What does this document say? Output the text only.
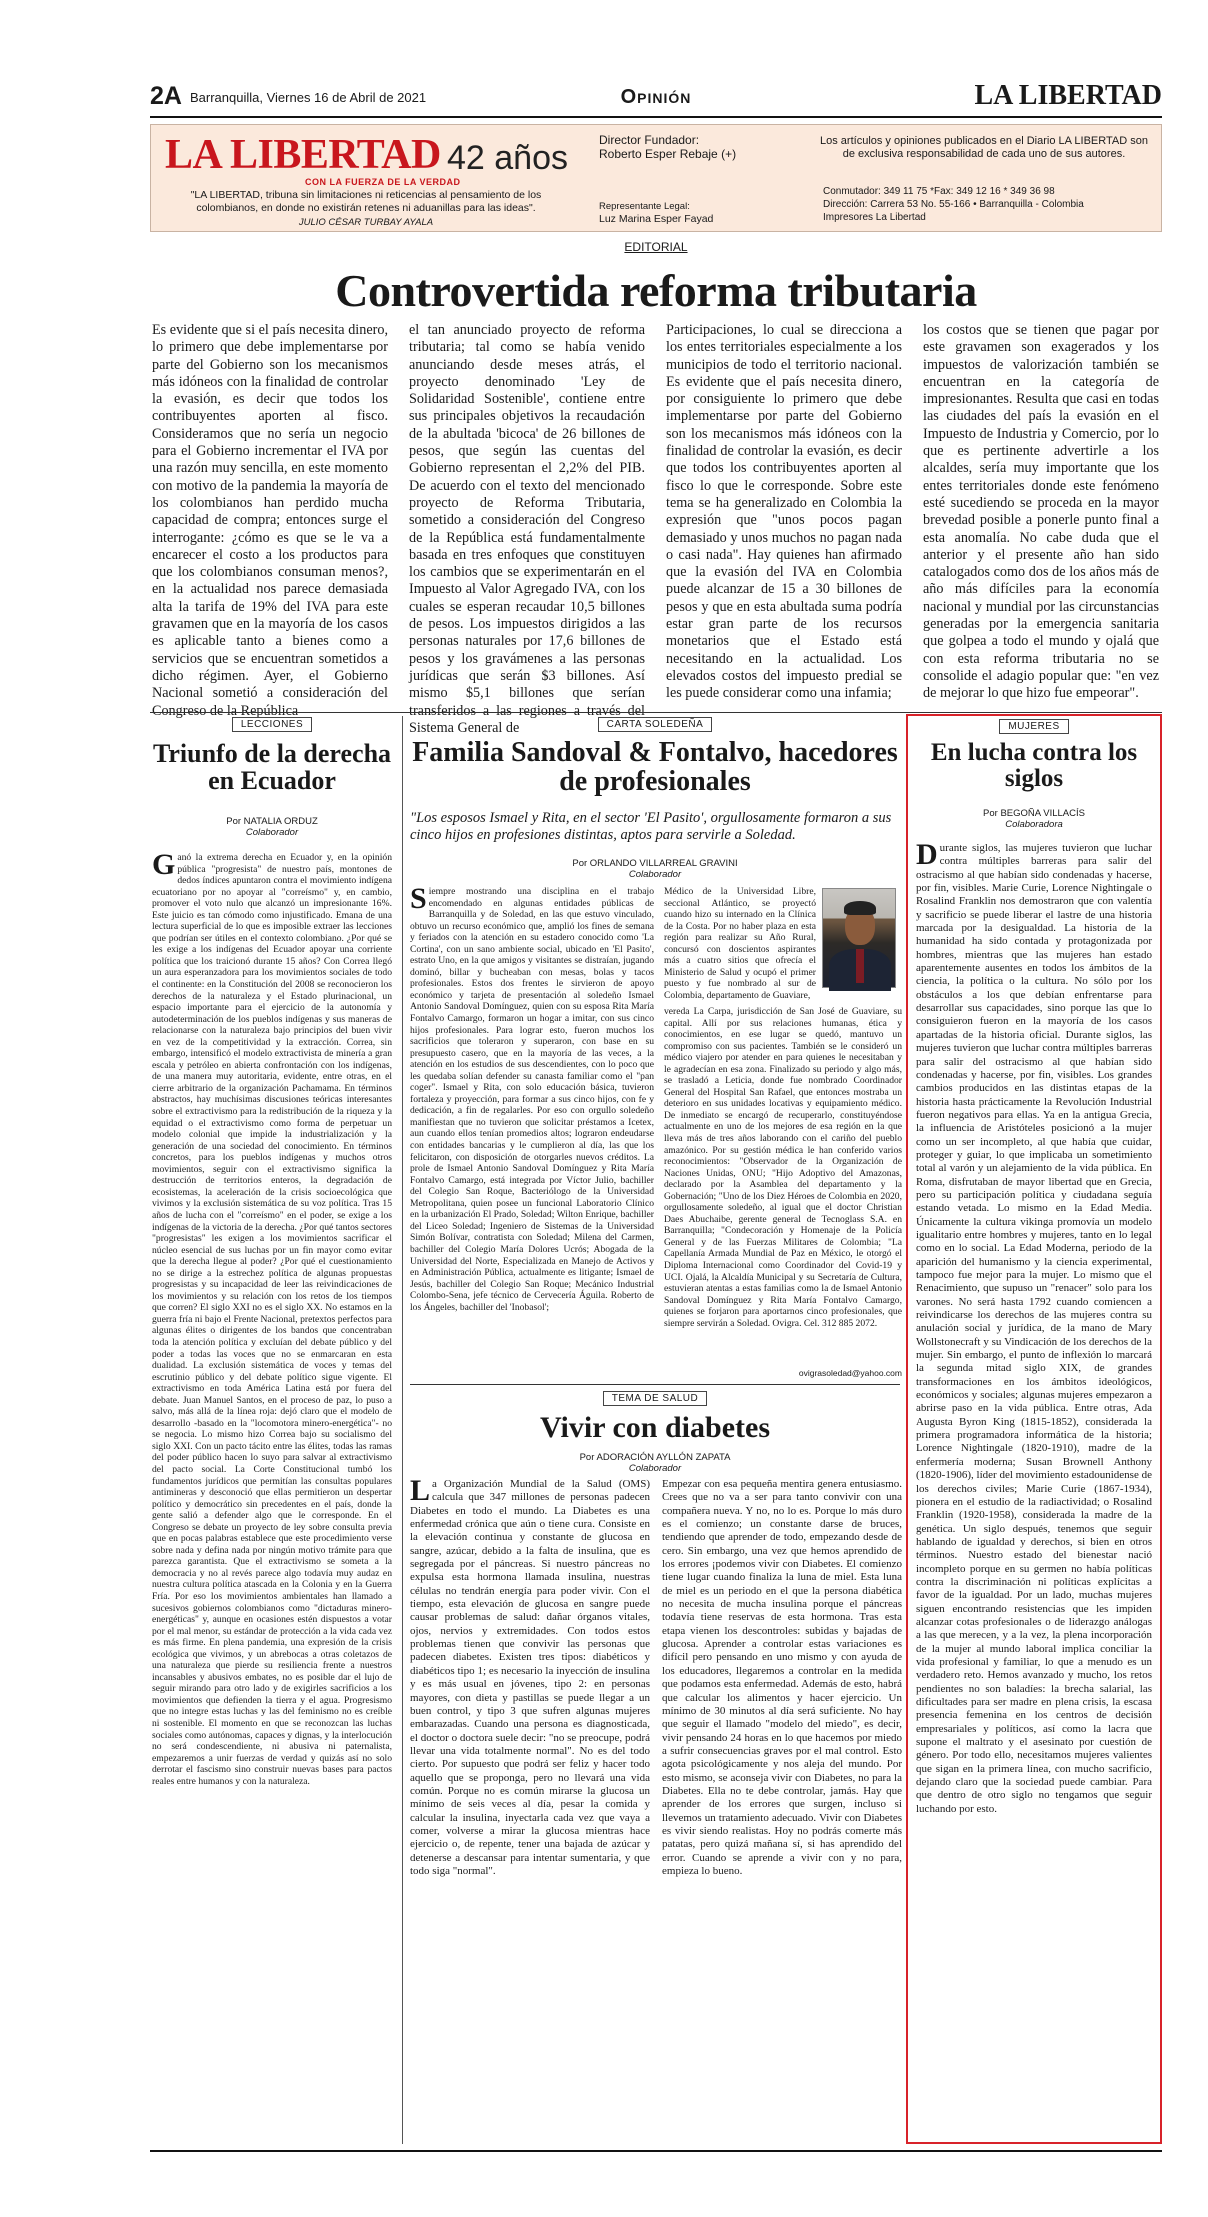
2A Barranquilla, Viernes 16 de Abril de 2021	Opinión	LA LIBERTAD
LA LIBERTAD
CON LA FUERZA DE LA VERDAD
42 años
"LA LIBERTAD, tribuna sin limitaciones ni reticencias al pensamiento de los colombianos, en donde no existirán retenes ni aduanillas para las ideas".
JULIO CÉSAR TURBAY AYALA
Director Fundador:
Roberto Esper Rebaje (+)
Representante Legal:
Luz Marina Esper Fayad
Los artículos y opiniones publicados en el Diario LA LIBERTAD son de exclusiva responsabilidad de cada uno de sus autores.
Conmutador: 349 11 75 *Fax: 349 12 16 * 349 36 98
Dirección: Carrera 53 No. 55-166 • Barranquilla - Colombia
Impresores La Libertad
EDITORIAL
Controvertida reforma tributaria
Es evidente que si el país necesita dinero, lo primero que debe implementarse por parte del Gobierno son los mecanismos más idóneos con la finalidad de controlar la evasión, es decir que todos los contribuyentes aporten al fisco. Consideramos que no sería un negocio para el Gobierno incrementar el IVA por una razón muy sencilla, en este momento con motivo de la pandemia la mayoría de los colombianos han perdido mucha capacidad de compra; entonces surge el interrogante: ¿cómo es que se le va a encarecer el costo a los productos para que los colombianos consuman menos?, en la actualidad nos parece demasiada alta la tarifa de 19% del IVA para este gravamen que en la mayoría de los casos es aplicable tanto a bienes como a servicios que se encuentran sometidos a dicho régimen. Ayer, el Gobierno Nacional sometió a consideración del Congreso de la República
el tan anunciado proyecto de reforma tributaria; tal como se había venido anunciando desde meses atrás, el proyecto denominado 'Ley de Solidaridad Sostenible', contiene entre sus principales objetivos la recaudación de la abultada 'bicoca' de 26 billones de pesos, que según las cuentas del Gobierno representan el 2,2% del PIB. De acuerdo con el texto del mencionado proyecto de Reforma Tributaria, sometido a consideración del Congreso de la República está fundamentalmente basada en tres enfoques que constituyen los cambios que se experimentarán en el Impuesto al Valor Agregado IVA, con los cuales se esperan recaudar 10,5 billones de pesos. Los impuestos dirigidos a las personas naturales por 17,6 billones de pesos y los gravámenes a las personas jurídicas que serán $3 billones. Así mismo $5,1 billones que serían transferidos a las regiones a través del Sistema General de
Participaciones, lo cual se direcciona a los entes territoriales especialmente a los municipios de todo el territorio nacional. Es evidente que el país necesita dinero, por consiguiente lo primero que debe implementarse por parte del Gobierno son los mecanismos más idóneos con la finalidad de controlar la evasión, es decir que todos los contribuyentes aporten al fisco lo que le corresponde. Sobre este tema se ha generalizado en Colombia la expresión que "unos pocos pagan demasiado y unos muchos no pagan nada o casi nada". Hay quienes han afirmado que la evasión del IVA en Colombia puede alcanzar de 15 a 30 billones de pesos y que en esta abultada suma podría estar gran parte de los recursos monetarios que el Estado está necesitando en la actualidad. Los elevados costos del impuesto predial se les puede considerar como una infamia;
los costos que se tienen que pagar por este gravamen son exagerados y los impuestos de valorización también se encuentran en la categoría de impresionantes. Resulta que casi en todas las ciudades del país la evasión en el Impuesto de Industria y Comercio, por lo que es pertinente advertirle a los alcaldes, sería muy importante que los entes territoriales donde este fenómeno esté sucediendo se proceda en la mayor brevedad posible a ponerle punto final a esta anomalía. No cabe duda que el anterior y el presente año han sido catalogados como dos de los años más de año más difíciles para la economía nacional y mundial por las circunstancias generadas por la emergencia sanitaria que golpea a todo el mundo y ojalá que con esta reforma tributaria no se consolide el adagio popular que: "en vez de mejorar lo que hizo fue empeorar".
LECCIONES
Triunfo de la derecha en Ecuador
Por NATALIA ORDUZ
Colaborador
Ganó la extrema derecha en Ecuador y, en la opinión pública "progresista" de nuestro país, montones de dedos índices apuntaron contra el movimiento indígena ecuatoriano por no apoyar al "correísmo" y, en cambio, promover el voto nulo que alcanzó un impresionante 16%. Este juicio es tan cómodo como injustificado. Emana de una lectura superficial de lo que es imposible extraer las lecciones que podrían ser útiles en el contexto colombiano. ¿Por qué se les exige a los indígenas del Ecuador apoyar una corriente política que los traicionó durante 15 años? Con Correa llegó un aura esperanzadora para los movimientos sociales de todo el continente: en la Constitución del 2008 se reconocieron los derechos de la naturaleza y el Estado plurinacional, un espacio importante para el ejercicio de la autonomía y autodeterminación de los pueblos indígenas y sus maneras de relacionarse con la naturaleza bajo principios del buen vivir en vez de la competitividad y la extracción. Correa, sin embargo, intensificó el modelo extractivista de minería a gran escala y petróleo en abierta confrontación con los indígenas, de una manera muy autoritaria, evidente, entre otras, en el cierre arbitrario de la organización Pachamama. En términos abstractos, hay muchísimas discusiones teóricas interesantes sobre el extractivismo para la redistribución de la riqueza y la equidad o el extractivismo como forma de perpetuar un modelo colonial que impide la industrialización y la generación de una sociedad del conocimiento. En términos concretos, para los pueblos indígenas y muchos otros movimientos, seguir con el extractivismo significa la destrucción de territorios enteros, la degradación de ecosistemas, la aceleración de la crisis socioecológica que vivimos y la exclusión sistemática de su voz política. Tras 15 años de lucha con el "correísmo" en el poder, se exige a los indígenas de la victoria de la derecha. ¿Por qué tantos sectores "progresistas" les exigen a los movimientos sacrificar el núcleo esencial de sus luchas por un fin mayor como evitar que la derecha llegue al poder? ¿Por qué el cuestionamiento no se dirige a la estrechez política de algunas propuestas progresistas y su incapacidad de leer las reivindicaciones de los movimientos y su relación con los retos de los tiempos que corren? El siglo XXI no es el siglo XX. No estamos en la guerra fría ni bajo el Frente Nacional, pretextos perfectos para algunas élites o dirigentes de los bandos que concentraban toda la atención política y excluían del debate público y del poder a todas las voces que no se enmarcaran en esta dualidad. La exclusión sistemática de voces y temas del escrutinio público y del debate político sigue vigente. El extractivismo en toda América Latina está por fuera del debate. Juan Manuel Santos, en el proceso de paz, lo puso a salvo, más allá de la línea roja: dejó claro que el modelo de desarrollo -basado en la "locomotora minero-energética"- no se negocia. Lo mismo hizo Correa bajo su socialismo del siglo XXI. Con un pacto tácito entre las élites, todas las ramas del poder público hacen lo suyo para salvar al extractivismo del pacto social. La Corte Constitucional tumbó los fundamentos jurídicos que permitían las consultas populares antimineras y desconoció que ellas permitieron un despertar político y democrático sin precedentes en el país, donde la gente salió a defender algo que le corresponde. En el Congreso se debate un proyecto de ley sobre consulta previa que en pocas palabras establece que este procedimiento verse sobre nada y defina nada por ningún motivo trámite para que parezca garantista. Que el extractivismo se someta a la democracia y no al revés parece algo todavía muy audaz en nuestra cultura política atascada en la Colonia y en la Guerra Fría. Por eso los movimientos ambientales han llamado a sucesivos gobiernos colombianos como "dictaduras minero-energéticas" y, aunque en ocasiones estén dispuestos a votar por el mal menor, su estándar de protección a la vida cada vez es más firme. En plena pandemia, una expresión de la crisis ecológica que vivimos, y un abrebocas a otras coletazos de una naturaleza que pierde su resiliencia frente a nuestros incansables y abusivos embates, no es posible dar el lujo de seguir mirando para otro lado y de exigirles sacrificios a los movimientos que defienden la tierra y el agua. Progresismo que no integre estas luchas y las del feminismo no es creíble ni sostenible. El momento en que se reconozcan las luchas sociales como autónomas, capaces y dignas, y la interlocución no será condescendiente, ni abusiva ni paternalista, empezaremos a unir fuerzas de verdad y quizás así no solo derrotar el fascismo sino construir nuevas bases para pactos reales entre humanos y con la naturaleza.
CARTA SOLEDEÑA
Familia Sandoval & Fontalvo, hacedores de profesionales
"Los esposos Ismael y Rita, en el sector 'El Pasito', orgullosamente formaron a sus cinco hijos en profesiones distintas, aptos para servirle a Soledad.
Por ORLANDO VILLARREAL GRAVINI
Colaborador
Siempre mostrando una disciplina en el trabajo encomendado en algunas entidades públicas de Barranquilla y de Soledad, en las que estuvo vinculado, obtuvo un recurso económico que, amplió los fines de semana y feriados con la atención en su estadero conocido como 'La Cortina', con un sano ambiente social, ubicado en 'El Pasito', estrato Uno, en la que amigos y visitantes se distraían, jugando dominó, billar y bucheaban con mesas, bolas y tacos profesionales. Estos dos frentes le sirvieron de apoyo económico y tarjeta de presentación al soledeño Ismael Antonio Sandoval Domínguez, quien con su esposa Rita María Fontalvo Camargo, formaron un hogar a imitar, con sus cinco hijos profesionales. Para lograr esto, fueron muchos los sacrificios que toleraron y superaron, con base en su presupuesto casero, que en la mayoría de las veces, a la atención en los estudios de sus descendientes, con lo poco que les quedaba solían defender su canasta familiar como el "pan coger". Ismael y Rita, con solo educación básica, tuvieron fortaleza y proyección, para formar a sus cinco hijos, con fe y dedicación, a fin de regalarles. Por eso con orgullo soledeño manifiestan que no tuvieron que solicitar préstamos a Icetex, aun cuando ellos tenían promedios altos; lograron endeudarse con entidades bancarias y le cumplieron al día, las que los felicitaron, con disposición de otorgarles nuevos créditos. La prole de Ismael Antonio Sandoval Domínguez y Rita María Fontalvo Camargo, está integrada por Víctor Julio, bachiller del Colegio San Roque, Bacteriólogo de la Universidad Metropolitana, quien posee un funcional Laboratorio Clínico en la urbanización El Prado, Soledad; Wilton Enrique, bachiller del Liceo Soledad; Ingeniero de Sistemas de la Universidad Simón Bolívar, contratista con Soledad; Milena del Carmen, bachiller del Colegio María Dolores Ucrós; Abogada de la Universidad del Norte, Especializada en Manejo de Activos y en Administración Pública, actualmente es litigante; Ismael de Jesús, bachiller del Colegio San Roque; Mecánico Industrial Colombo-Sena, jefe técnico de Cervecería Águila. Roberto de los Ángeles, bachiller del 'Inobasol';
Médico de la Universidad Libre, seccional Atlántico, se proyectó cuando hizo su internado en la Clínica de la Costa. Por no haber plaza en esta región para realizar su Año Rural, concursó con doscientos aspirantes más a cuatro sitios que ofrecía el Ministerio de Salud y ocupó el primer puesto y fue nombrado al sur de Colombia, departamento de Guaviare,
vereda La Carpa, jurisdicción de San José de Guaviare, su capital. Allí por sus relaciones humanas, ética y conocimientos, en ese lugar se quedó, mantuvo un compromiso con sus pacientes. También se le consideró un médico viajero por atender en para quienes le necesitaban y le agradecían en esa zona. Finalizado su periodo y algo más, se trasladó a Leticia, donde fue nombrado Coordinador General del Hospital San Rafael, que entonces mostraba un deterioro en sus unidades locativas y equipamiento médico. De inmediato se encargó de recuperarlo, constituyéndose actualmente en uno de los mejores de esa región en la que lleva más de tres años laborando con el cariño del pueblo amazónico. Por su gestión médica le han conferido varios reconocimientos: "Observador de la Organización de Naciones Unidas, ONU; "Hijo Adoptivo del Amazonas, declarado por la Asamblea del departamento y la Gobernación; "Uno de los Diez Héroes de Colombia en 2020, orgullosamente soledeño, al igual que el doctor Christian Daes Abuchaibe, gerente general de Tecnoglass S.A. en Barranquilla; "Condecoración y Homenaje de la Policía General y de las Fuerzas Militares de Colombia; "La Capellanía Armada Mundial de Paz en México, le otorgó el Diploma Internacional como Coordinador del Covid-19 y UCI. Ojalá, la Alcaldía Municipal y su Secretaría de Cultura, estuvieran atentas a estas familias como la de Ismael Antonio Sandoval Domínguez y Rita María Fontalvo Camargo, quienes se forjaron para aportarnos cinco profesionales, que siempre servirán a Soledad. Ovigra. Cel. 312 885 2072.
ovigrasoledad@yahoo.com
TEMA DE SALUD
Vivir con diabetes
Por ADORACIÓN AYLLÓN ZAPATA
Colaborador
La Organización Mundial de la Salud (OMS) calcula que 347 millones de personas padecen Diabetes en todo el mundo. La Diabetes es una enfermedad crónica que aún o tiene cura. Consiste en la elevación continua y constante de glucosa en sangre, azúcar, debido a la falta de insulina, que es segregada por el páncreas. Si nuestro páncreas no expulsa esta hormona llamada insulina, nuestras células no tendrán energía para poder vivir. Con el tiempo, esta elevación de glucosa en sangre puede causar problemas de salud: dañar órganos vitales, ojos, nervios y extremidades. Con todos estos problemas tienen que convivir las personas que padecen diabetes. Existen tres tipos: diabéticos y diabéticos tipo 1; es necesario la inyección de insulina y es más usual en jóvenes, tipo 2: en personas mayores, con dieta y pastillas se puede llegar a un buen control, y tipo 3 que sufren algunas mujeres embarazadas. Cuando una persona es diagnosticada, el doctor o doctora suele decir: "no se preocupe, podrá llevar una vida totalmente normal". No es del todo cierto. Por supuesto que podrá ser feliz y hacer todo aquello que se proponga, pero no llevará una vida común. Porque no es común mirarse la glucosa un mínimo de seis veces al día, pesar la comida y calcular la insulina, inyectarla cada vez que vaya a comer, volverse a mirar la glucosa mientras hace ejercicio o, de repente, tener una bajada de azúcar y detenerse a descansar para intentar sumentaria, y que todo siga "normal".
Empezar con esa pequeña mentira genera entusiasmo. Crees que no va a ser para tanto convivir con una compañera nueva. Y no, no lo es. Porque lo más duro es el comienzo; un constante darse de bruces, tendiendo que aprender de todo, empezando desde de cero. Sin embargo, una vez que hemos aprendido de los errores ¡podemos vivir con Diabetes. El comienzo tiene lugar cuando finaliza la luna de miel. Esta luna de miel es un periodo en el que la persona diabética no necesita de mucha insulina porque el páncreas todavía tiene reservas de esta hormona. Tras esta etapa vienen los descontroles: subidas y bajadas de glucosa. Aprender a controlar estas variaciones es difícil pero pensando en uno mismo y con ayuda de los educadores, llegaremos a controlar en la medida que podamos esta enfermedad. Además de esto, habrá que calcular los alimentos y hacer ejercicio. Un mínimo de 30 minutos al día será suficiente. No hay que seguir el llamado "modelo del miedo", es decir, vivir pensando 24 horas en lo que hacemos por miedo a sufrir consecuencias graves por el mal control. Esto agota psicológicamente y nos aleja del mundo. Por esto mismo, se aconseja vivir con Diabetes, no para la Diabetes. Ella no te debe controlar, jamás. Hay que aprender de los errores que surgen, incluso si llevemos un tratamiento adecuado. Vivir con Diabetes es vivir siendo realistas. Hoy no podrás comerte más patatas, pero quizá mañana sí, si has aprendido del error. Cuando se aprende a vivir con y no para, empieza lo bueno.
MUJERES
En lucha contra los siglos
Por BEGOÑA VILLACÍS
Colaboradora
Durante siglos, las mujeres tuvieron que luchar contra múltiples barreras para salir del ostracismo al que habían sido condenadas y hacerse, por fin, visibles. Marie Curie, Lorence Nightingale o Rosalind Franklin nos demostraron que con valentía y sacrificio se puede liberar el lastre de una historia marcada por la desigualdad. La historia de la humanidad ha sido contada y protagonizada por hombres, mientras que las mujeres han estado aparentemente ausentes en todos los ámbitos de la ciencia, la política o la cultura. No sólo por los obstáculos a los que debían enfrentarse para desarrollar sus capacidades, sino porque las que lo consiguieron fueron en la mayoría de los casos apartadas de la historia oficial. Durante siglos, las mujeres tuvieron que luchar contra múltiples barreras para salir del ostracismo al que habían sido condenadas y hacerse, por fin, visibles. Los grandes cambios producidos en las distintas etapas de la historia hasta prácticamente la Revolución Industrial fueron negativos para ellas. Ya en la antigua Grecia, la influencia de Aristóteles posicionó a la mujer como un ser incompleto, al que había que cuidar, proteger y guiar, lo que implicaba un sometimiento total al varón y un alejamiento de la vida pública. En Roma, disfrutaban de mayor libertad que en Grecia, pero su participación política y ciudadana seguía estando vetada. Lo mismo en la Edad Media. Únicamente la cultura vikinga promovía un modelo igualitario entre hombres y mujeres, tanto en lo legal como en lo social. La Edad Moderna, periodo de la aparición del humanismo y la ciencia experimental, tampoco fue mejor para la mujer. Lo mismo que el Renacimiento, que supuso un "renacer" solo para los varones. No será hasta 1792 cuando comiencen a reivindicarse los derechos de las mujeres contra su anulación social y jurídica, de la mano de Mary Wollstonecraft y su Vindicación de los derechos de la mujer. Sin embargo, el punto de inflexión lo marcará la segunda mitad siglo XIX, de grandes transformaciones en los ámbitos ideológicos, económicos y sociales; algunas mujeres empezaron a abrirse paso en la vida pública. Entre otras, Ada Augusta Byron King (1815-1852), considerada la primera programadora informática de la historia; Lorence Nightingale (1820-1910), madre de la enfermería moderna; Susan Brownell Anthony (1820-1906), líder del movimiento estadounidense de los derechos civiles; Marie Curie (1867-1934), pionera en el estudio de la radiactividad; o Rosalind Franklin (1920-1958), considerada la madre de la genética. Un siglo después, tenemos que seguir hablando de igualdad y derechos, si bien en otros términos. Nuestro estado del bienestar nació incompleto porque en su germen no había políticas contra la discriminación ni políticas explícitas a favor de la igualdad. Por un lado, muchas mujeres siguen encontrando resistencias que les impiden alcanzar cotas profesionales o de liderazgo análogas a las que merecen, y a la vez, la plena incorporación de la mujer al mundo laboral implica conciliar la vida profesional y familiar, lo que a menudo es un verdadero reto. Hemos avanzado y mucho, los retos pendientes no son baladíes: la brecha salarial, las dificultades para ser madre en plena crisis, la escasa presencia femenina en los centros de decisión empresariales y políticos, así como la lacra que supone el maltrato y el asesinato por cuestión de género. Por todo ello, necesitamos mujeres valientes que sigan en la primera línea, con mucho sacrificio, dejando claro que la sociedad puede cambiar. Para que dentro de otro siglo no tengamos que seguir luchando por esto.
